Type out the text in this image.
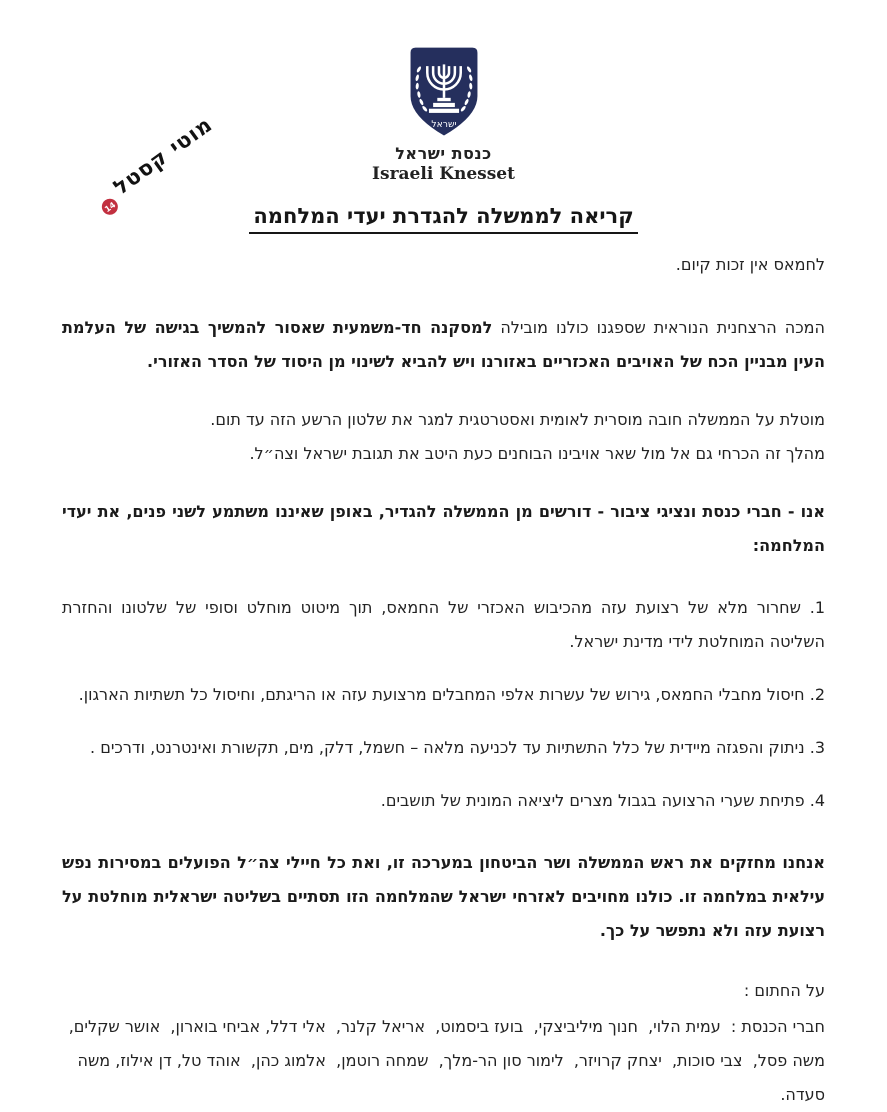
מוטי קסטל
14
ישראל
כנסת ישראל
Israeli Knesset
קריאה לממשלה להגדרת יעדי המלחמה

לחמאס אין זכות קיום.

המכה הרצחנית הנוראית שספגנו כולנו מובילה למסקנה חד-משמעית שאסור להמשיך בגישה של העלמת העין מבניין הכח של האויבים האכזריים באזורנו ויש להביא לשינוי מן היסוד של הסדר האזורי.

מוטלת על הממשלה חובה מוסרית לאומית ואסטרטגית למגר את שלטון הרשע הזה עד תום.
מהלך זה הכרחי גם אל מול שאר אויבינו הבוחנים כעת היטב את תגובת ישראל וצה״ל.

אנו - חברי כנסת ונציגי ציבור - דורשים מן הממשלה להגדיר, באופן שאיננו משתמע לשני פנים, את יעדי המלחמה:

1. שחרור מלא של רצועת עזה מהכיבוש האכזרי של החמאס, תוך מיטוט מוחלט וסופי של שלטונו והחזרת השליטה המוחלטת לידי מדינת ישראל.

2. חיסול מחבלי החמאס, גירוש של עשרות אלפי המחבלים מרצועת עזה או הריגתם, וחיסול כל תשתיות הארגון.

3. ניתוק והפגזה מיידית של כלל התשתיות עד לכניעה מלאה – חשמל, דלק, מים, תקשורת ואינטרנט, ודרכים .

4. פתיחת שערי הרצועה בגבול מצרים ליציאה המונית של תושבים.

אנחנו מחזקים את ראש הממשלה ושר הביטחון במערכה זו, ואת כל חיילי צה״ל הפועלים במסירות נפש עילאית במלחמה זו. כולנו מחויבים לאזרחי ישראל שהמלחמה הזו תסתיים בשליטה ישראלית מוחלטת על רצועת עזה ולא נתפשר על כך.

על החתום :

חברי הכנסת :  עמית הלוי,  חנוך מיליביצקי,  בועז ביסמוט,  אריאל קלנר,  אלי דלל, אביחי בוארון,  אושר שקלים,  משה פסל,  צבי סוכות,  יצחק קרויזר,  לימור סון הר-מלך,  שמחה רוטמן,  אלמוג כהן,  אוהד טל, דן אילוז, משה סעדה.
